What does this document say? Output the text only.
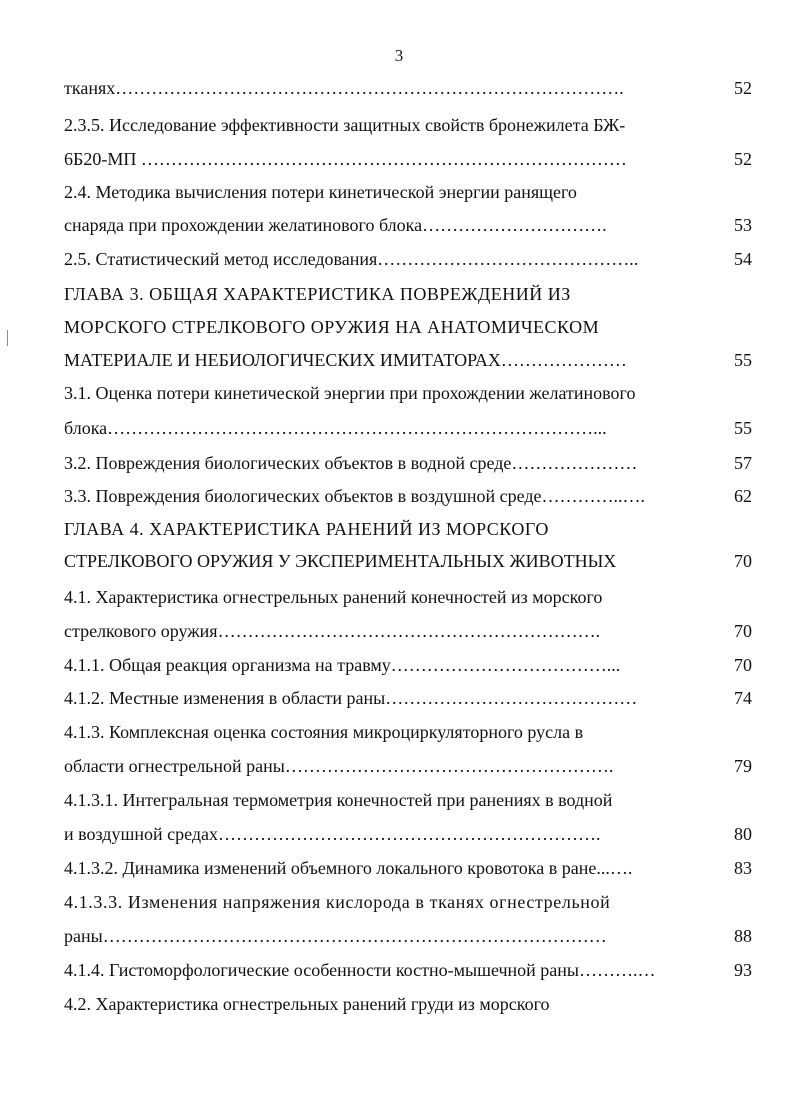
3
тканях………………………………………………………………………….	52
2.3.5. Исследование эффективности защитных свойств бронежилета БЖ-
6Б20-МП ………………………………………………………………………	52
2.4. Методика вычисления потери кинетической энергии ранящего
снаряда при прохождении желатинового блока………………………….	53
2.5. Статистический метод исследования……………………………………..	54
ГЛАВА 3. ОБЩАЯ ХАРАКТЕРИСТИКА ПОВРЕЖДЕНИЙ ИЗ
МОРСКОГО СТРЕЛКОВОГО ОРУЖИЯ НА АНАТОМИЧЕСКОМ
МАТЕРИАЛЕ И НЕБИОЛОГИЧЕСКИХ ИМИТАТОРАХ…………………	55
3.1. Оценка потери кинетической энергии при прохождении желатинового
блока………………………………………………………………………...	55
3.2. Повреждения биологических объектов в водной среде…………………	57
3.3. Повреждения биологических объектов в воздушной среде…………..….	62
ГЛАВА 4. ХАРАКТЕРИСТИКА РАНЕНИЙ ИЗ МОРСКОГО
СТРЕЛКОВОГО ОРУЖИЯ У ЭКСПЕРИМЕНТАЛЬНЫХ ЖИВОТНЫХ	70
4.1. Характеристика огнестрельных ранений конечностей из морского
стрелкового оружия……………………………………………………….	70
4.1.1. Общая реакция организма на травму………………………………...	70
4.1.2. Местные изменения в области раны……………………………………	74
4.1.3. Комплексная оценка состояния микроциркуляторного русла в
области огнестрельной раны……………………………………………….	79
4.1.3.1. Интегральная термометрия конечностей при ранениях в водной
и воздушной средах……………………………………………………….	80
4.1.3.2. Динамика изменений объемного локального кровотока в ране...….	83
4.1.3.3. Изменения напряжения кислорода в тканях огнестрельной
раны…………………………………………………………………………	88
4.1.4. Гистоморфологические особенности костно-мышечной раны……….…	93
4.2. Характеристика огнестрельных ранений груди из морского
